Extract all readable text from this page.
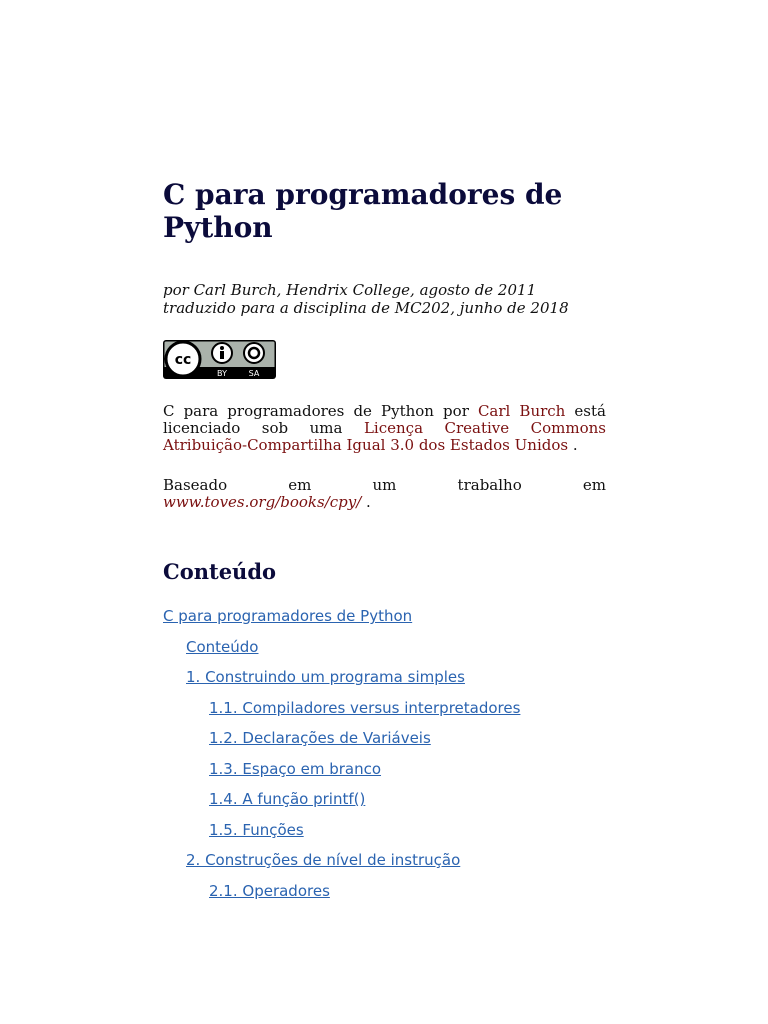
C para programadores de Python
por Carl Burch, Hendrix College, agosto de 2011
traduzido para a disciplina de MC202, junho de 2018
cc
BY	SA
C para programadores de Python por Carl Burch está licenciado sob uma Licença Creative Commons Atribuição-Compartilha Igual 3.0 dos Estados Unidos .
Baseado	em	um	trabalho	em
www.toves.org/books/cpy/ .
Conteúdo
C para programadores de Python
Conteúdo
1. Construindo um programa simples
1.1. Compiladores versus interpretadores
1.2. Declarações de Variáveis
1.3. Espaço em branco
1.4. A função printf()
1.5. Funções
2. Construções de nível de instrução
2.1. Operadores
